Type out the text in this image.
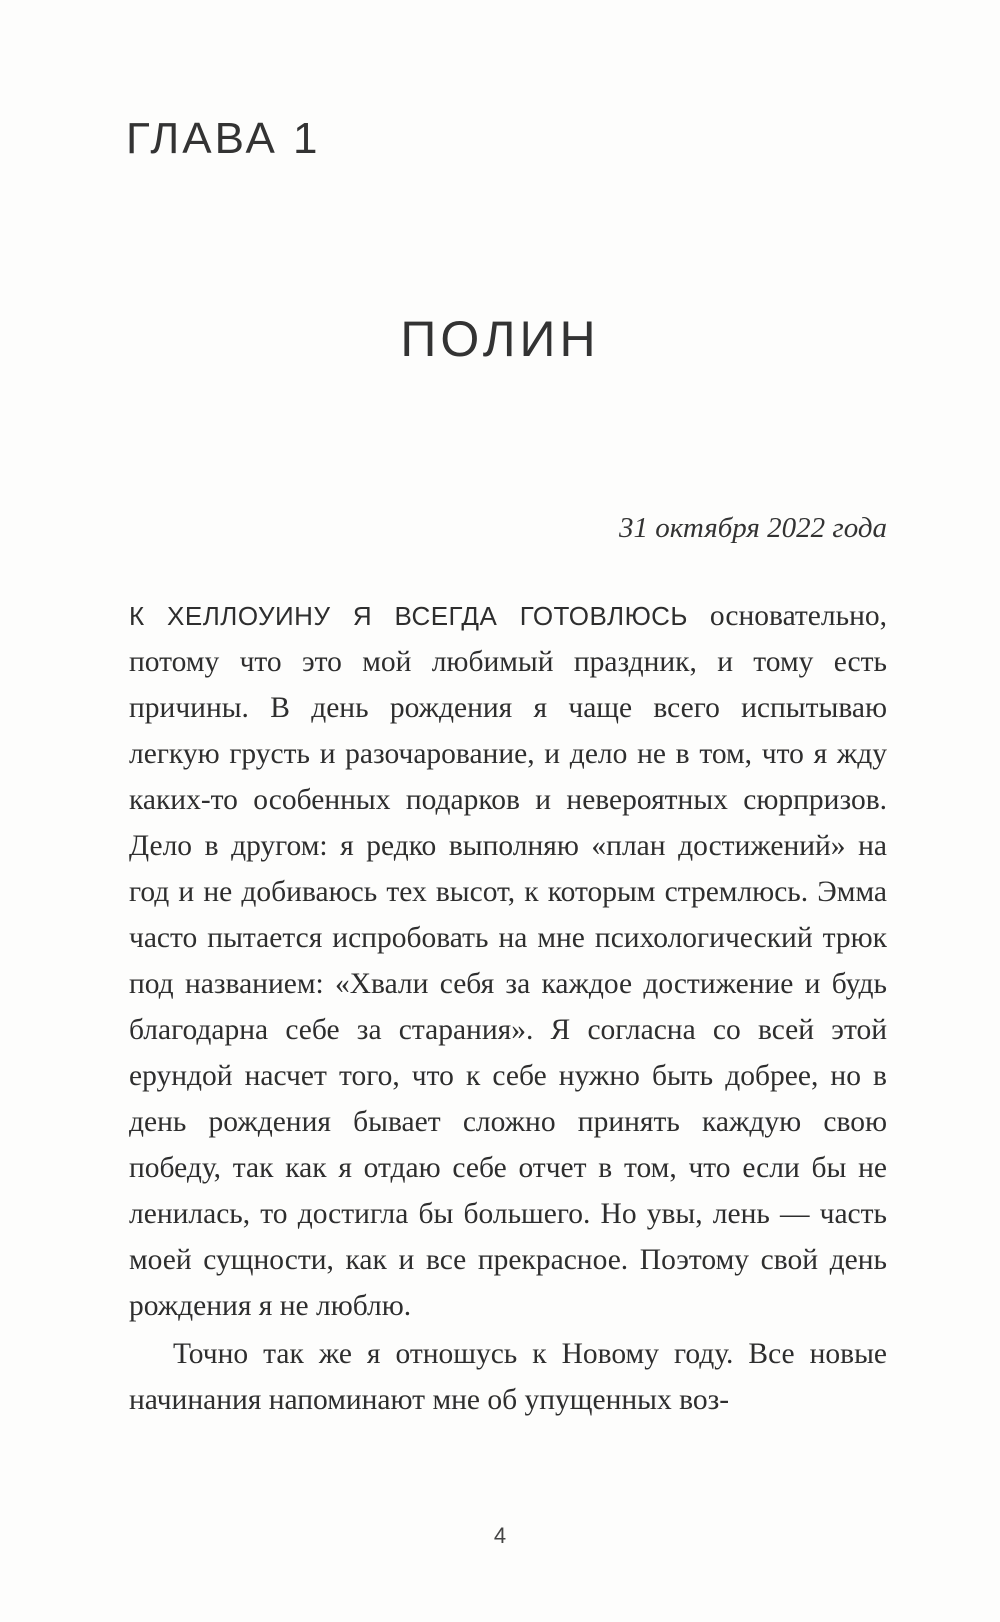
ГЛАВА 1
ПОЛИН
31 октября 2022 года

К ХЕЛЛОУИНУ Я ВСЕГДА ГОТОВЛЮСЬ основательно, потому что это мой любимый праздник, и тому есть причины. В день рождения я чаще всего испытываю легкую грусть и разочарование, и дело не в том, что я жду каких-то особенных подарков и невероятных сюрпризов. Дело в другом: я редко выполняю «план достижений» на год и не добиваюсь тех высот, к которым стремлюсь. Эмма часто пытается испробовать на мне психологический трюк под названием: «Хвали себя за каждое достижение и будь благодарна себе за старания». Я согласна со всей этой ерундой насчет того, что к себе нужно быть добрее, но в день рождения бывает сложно принять каждую свою победу, так как я отдаю себе отчет в том, что если бы не ленилась, то достигла бы большего. Но увы, лень — часть моей сущности, как и все прекрасное. Поэтому свой день рождения я не люблю.

Точно так же я отношусь к Новому году. Все новые начинания напоминают мне об упущенных воз-

4
